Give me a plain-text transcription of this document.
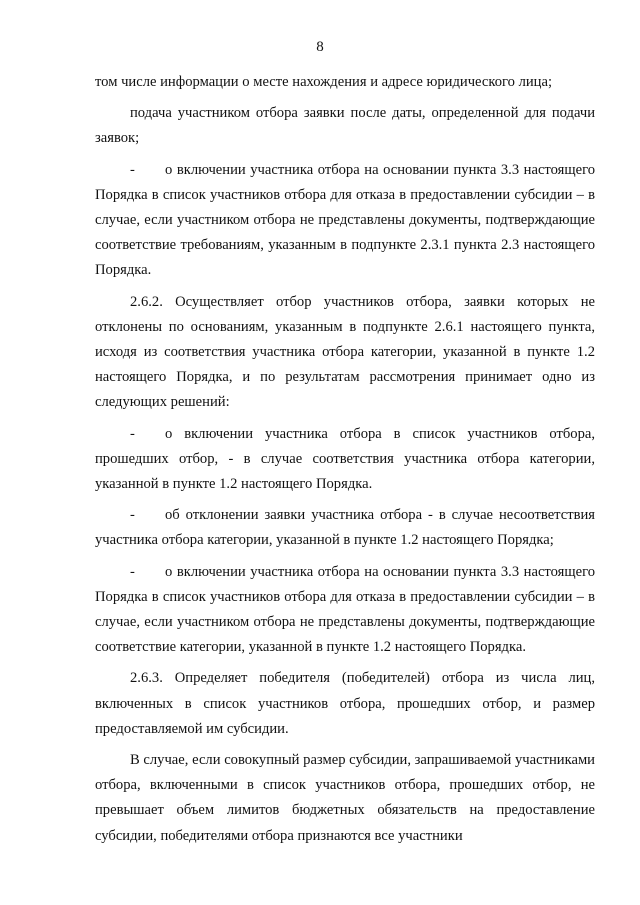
8

том числе информации о месте нахождения и адресе юридического лица;

подача участником отбора заявки после даты, определенной для подачи заявок;

- о включении участника отбора на основании пункта 3.3 настоящего Порядка в список участников отбора для отказа в предоставлении субсидии – в случае, если участником отбора не представлены документы, подтверждающие соответствие требованиям, указанным в подпункте 2.3.1 пункта 2.3 настоящего Порядка.

2.6.2. Осуществляет отбор участников отбора, заявки которых не отклонены по основаниям, указанным в подпункте 2.6.1 настоящего пункта, исходя из соответствия участника отбора категории, указанной в пункте 1.2 настоящего Порядка, и по результатам рассмотрения принимает одно из следующих решений:

- о включении участника отбора в список участников отбора, прошедших отбор, - в случае соответствия участника отбора категории, указанной в пункте 1.2 настоящего Порядка.

- об отклонении заявки участника отбора - в случае несоответствия участника отбора категории, указанной в пункте 1.2 настоящего Порядка;

- о включении участника отбора на основании пункта 3.3 настоящего Порядка в список участников отбора для отказа в предоставлении субсидии – в случае, если участником отбора не представлены документы, подтверждающие соответствие категории, указанной в пункте 1.2 настоящего Порядка.

2.6.3. Определяет победителя (победителей) отбора из числа лиц, включенных в список участников отбора, прошедших отбор, и размер предоставляемой им субсидии.

В случае, если совокупный размер субсидии, запрашиваемой участниками отбора, включенными в список участников отбора, прошедших отбор, не превышает объем лимитов бюджетных обязательств на предоставление субсидии, победителями отбора признаются все участники
